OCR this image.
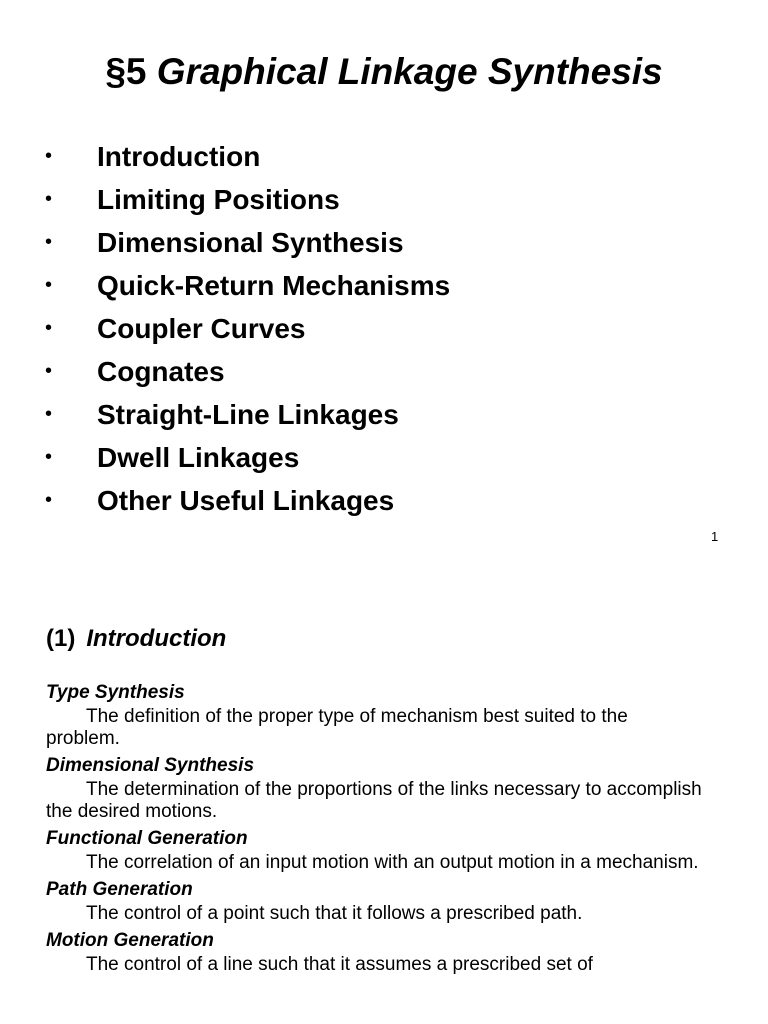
§5 Graphical Linkage Synthesis
• Introduction
• Limiting Positions
• Dimensional Synthesis
• Quick-Return Mechanisms
• Coupler Curves
• Cognates
• Straight-Line Linkages
• Dwell Linkages
• Other Useful Linkages
1
(1) Introduction
Type Synthesis
The definition of the proper type of mechanism best suited to the problem.
Dimensional Synthesis
The determination of the proportions of the links necessary to accomplish the desired motions.
Functional Generation
The correlation of an input motion with an output motion in a mechanism.
Path Generation
The control of a point such that it follows a prescribed path.
Motion Generation
The control of a line such that it assumes a prescribed set of
